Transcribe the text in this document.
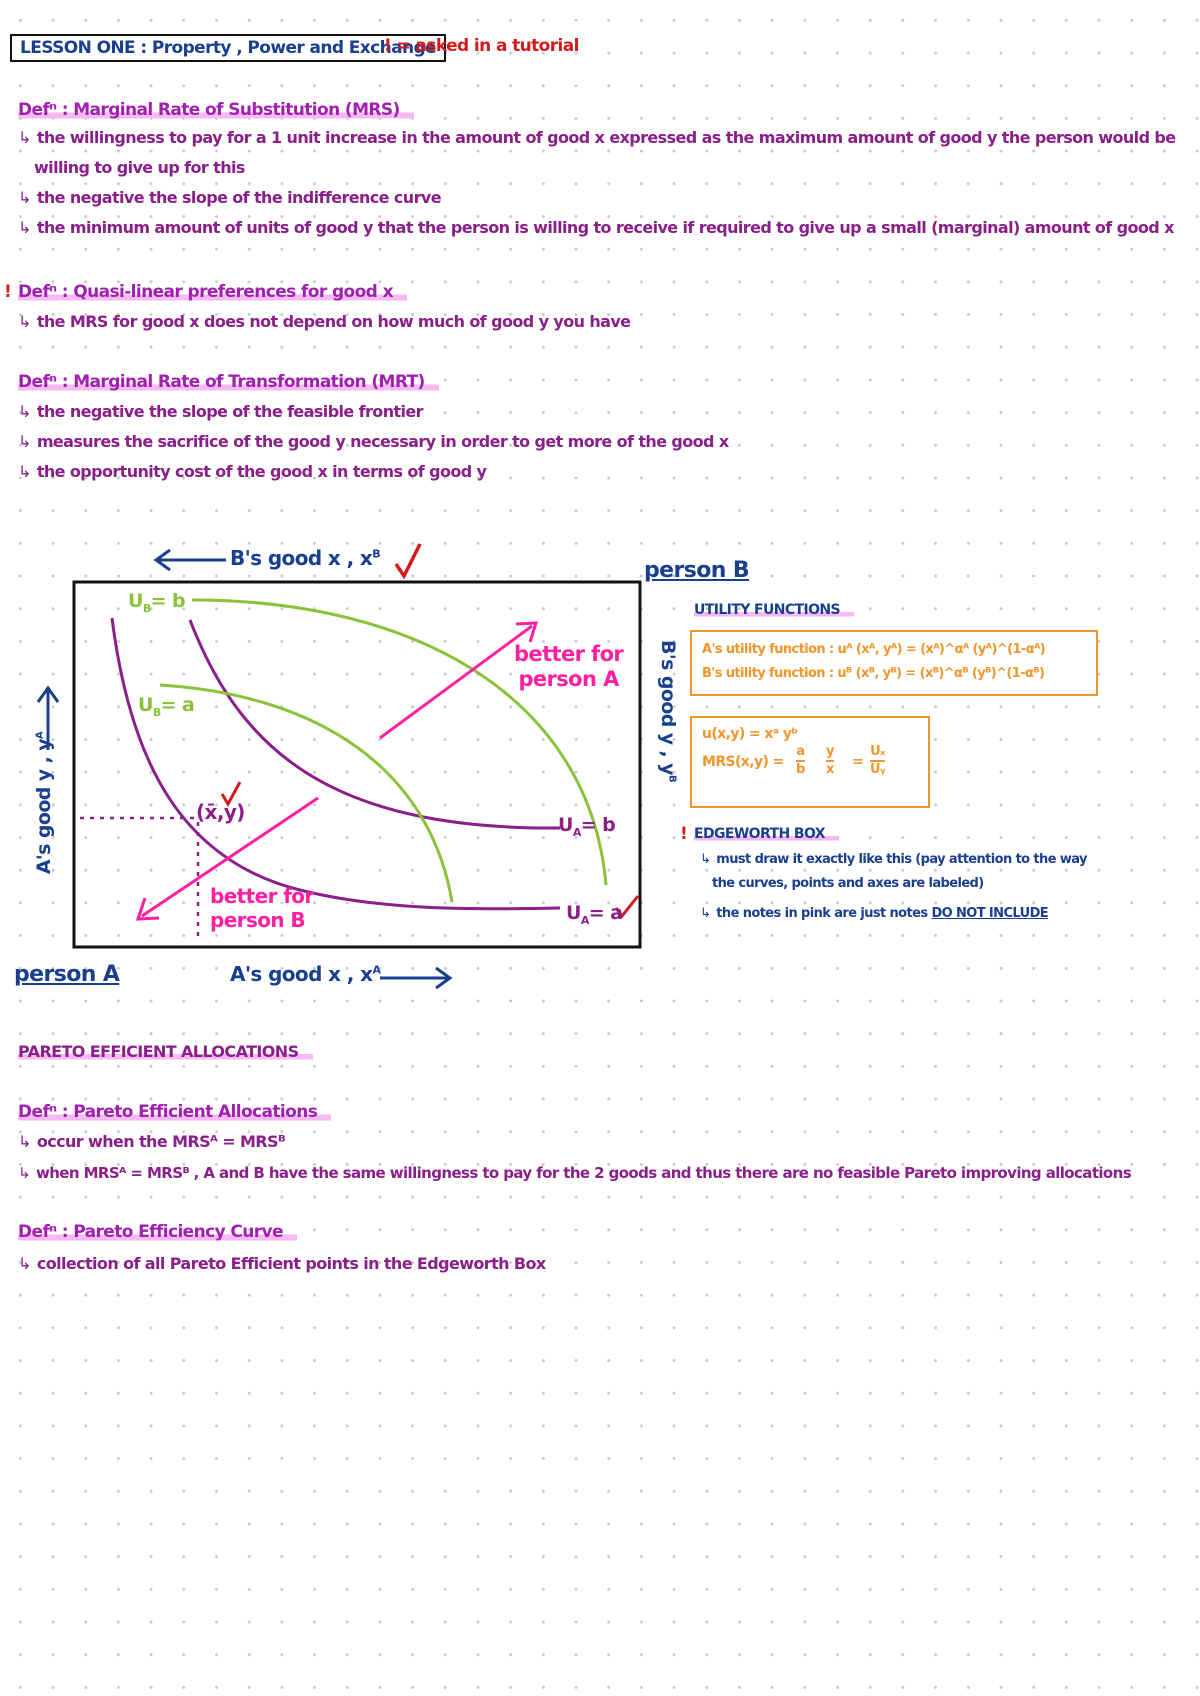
LESSON ONE : Property , Power and Exchange
! = asked in a tutorial
Defⁿ : Marginal Rate of Substitution (MRS)
↳ the willingness to pay for a 1 unit increase in the amount of good x expressed as the maximum amount of good y the person would be
willing to give up for this
↳ the negative the slope of the indifference curve
↳ the minimum amount of units of good y that the person is willing to receive if required to give up a small (marginal) amount of good x
! Defⁿ : Quasi-linear preferences for good x
↳ the MRS for good x does not depend on how much of good y you have
Defⁿ : Marginal Rate of Transformation (MRT)
↳ the negative the slope of the feasible frontier
↳ measures the sacrifice of the good y necessary in order to get more of the good x
↳ the opportunity cost of the good x in terms of good y
B's good x , $x^B$
A's good x , $x^A$
A's good y , $y^A$	B's good y , $y^B$
person A
person B
$U_B= b$
$U_B= a$
$U_A= b$
$U_A= a$
(x̄,y)
better for
person A
better for
person B
UTILITY FUNCTIONS
A's utility function : uᴬ (xᴬ, yᴬ) = (xᴬ)^αᴬ (yᴬ)^(1-αᴬ)
B's utility function : uᴮ (xᴮ, yᴮ) = (xᴮ)^αᴮ (yᴮ)^(1-αᴮ)
u(x,y) = xᵃ yᵇ
MRS(x,y) =
a
b
y
x =
Uₓ
Uᵧ
! EDGEWORTH BOX
↳ must draw it exactly like this (pay attention to the way
the curves, points and axes are labeled)
↳ the notes in pink are just notes DO NOT INCLUDE
PARETO EFFICIENT ALLOCATIONS
Defⁿ : Pareto Efficient Allocations
↳ occur when the MRSᴬ = MRSᴮ
↳ when MRSᴬ = MRSᴮ , A and B have the same willingness to pay for the 2 goods and thus there are no feasible Pareto improving allocations
Defⁿ : Pareto Efficiency Curve
↳ collection of all Pareto Efficient points in the Edgeworth Box
